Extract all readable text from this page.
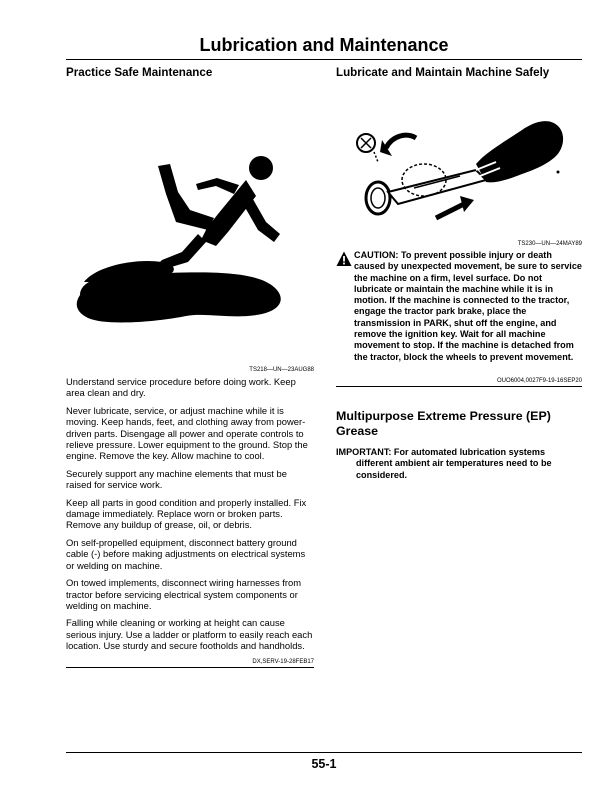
Lubrication and Maintenance
Practice Safe Maintenance
TS218—UN—23AUG88

Understand service procedure before doing work. Keep area clean and dry.

Never lubricate, service, or adjust machine while it is moving. Keep hands, feet, and clothing away from power-driven parts. Disengage all power and operate controls to relieve pressure. Lower equipment to the ground. Stop the engine. Remove the key. Allow machine to cool.

Securely support any machine elements that must be raised for service work.

Keep all parts in good condition and properly installed. Fix damage immediately. Replace worn or broken parts. Remove any buildup of grease, oil, or debris.

On self-propelled equipment, disconnect battery ground cable (-) before making adjustments on electrical systems or welding on machine.

On towed implements, disconnect wiring harnesses from tractor before servicing electrical system components or welding on machine.

Falling while cleaning or working at height can cause serious injury. Use a ladder or platform to easily reach each location. Use sturdy and secure footholds and handholds.

DX,SERV-19-28FEB17
Lubricate and Maintain Machine Safely
TS230—UN—24MAY89
CAUTION: To prevent possible injury or death caused by unexpected movement, be sure to service the machine on a firm, level surface. Do not lubricate or maintain the machine while it is in motion. If the machine is connected to the tractor, engage the tractor park brake, place the transmission in PARK, shut off the engine, and remove the ignition key. Wait for all machine movement to stop. If the machine is detached from the tractor, block the wheels to prevent movement.
OUO6004,0027F9-19-16SEP20
Multipurpose Extreme Pressure (EP) Grease
IMPORTANT: For automated lubrication systems different ambient air temperatures need to be considered.
55-1
